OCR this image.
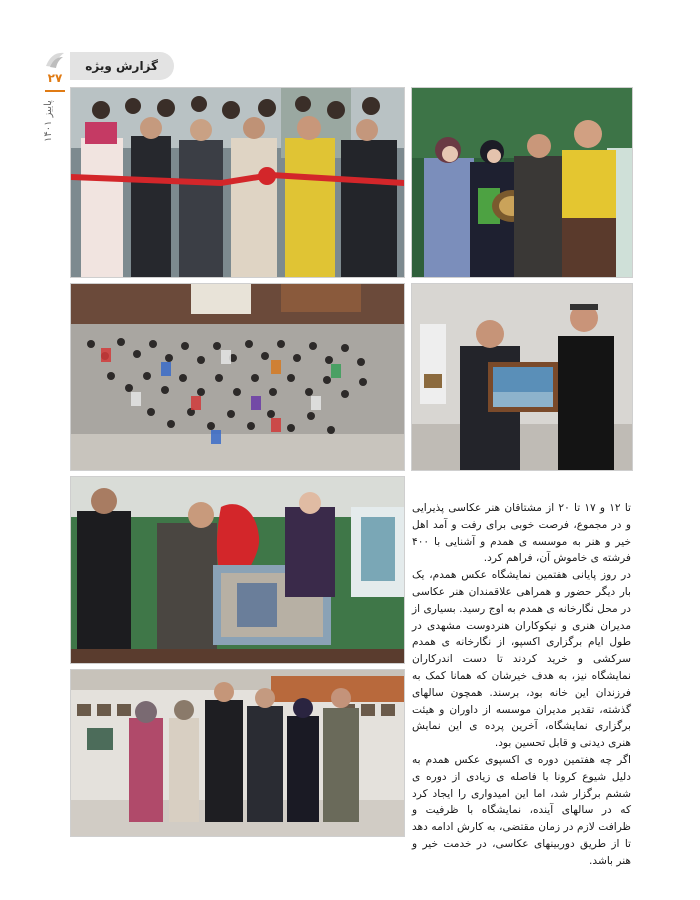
گزارش ویژه
۲۷
پاییز ۱۴۰۱

تا ۱۲ و ۱۷ تا ۲۰ از مشتاقان هنر عکاسی پذیرایی و در مجموع، فرصت خوبی برای رفت و آمد اهل خیر و هنر به موسسه ی همدم و آشنایی با ۴۰۰ فرشته ی خاموش آن، فراهم کرد.

در روز پایانی هفتمین نمایشگاه عکس همدم، یک بار دیگر حضور و همراهی علاقمندان هنر عکاسی در محل نگارخانه ی همدم به اوج رسید. بسیاری از مدیران هنری و نیکوکاران هنردوست مشهدی در طول ایام برگزاری اکسپو، از نگارخانه ی همدم سرکشی و خرید کردند تا دست اندرکاران نمایشگاه نیز، به هدف خیرشان که همانا کمک به فرزندان این خانه بود، برسند. همچون سالهای گذشته، تقدیر مدیران موسسه از داوران و هیئت برگزاری نمایشگاه، آخرین پرده ی این نمایش هنری دیدنی و قابل تحسین بود.

اگر چه هفتمین دوره ی اکسپوی عکس همدم به دلیل شیوع کرونا با فاصله ی زیادی از دوره ی ششم برگزار شد، اما این امیدواری را ایجاد کرد که در سالهای آینده، نمایشگاه با ظرفیت و ظرافت لازم در زمان مقتضی، به کارش ادامه دهد تا از طریق دوربینهای عکاسی، در خدمت خیر و هنر باشد.
